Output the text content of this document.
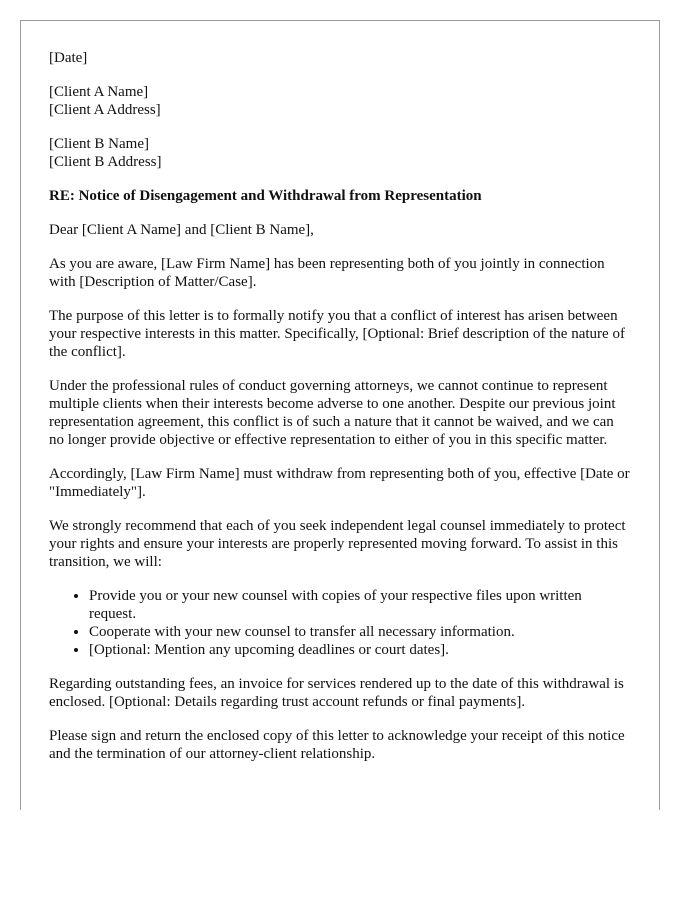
[Date]
[Client A Name]
[Client A Address]
[Client B Name]
[Client B Address]
RE: Notice of Disengagement and Withdrawal from Representation
Dear [Client A Name] and [Client B Name],
As you are aware, [Law Firm Name] has been representing both of you jointly in connection with [Description of Matter/Case].
The purpose of this letter is to formally notify you that a conflict of interest has arisen between your respective interests in this matter. Specifically, [Optional: Brief description of the nature of the conflict].
Under the professional rules of conduct governing attorneys, we cannot continue to represent multiple clients when their interests become adverse to one another. Despite our previous joint representation agreement, this conflict is of such a nature that it cannot be waived, and we can no longer provide objective or effective representation to either of you in this specific matter.
Accordingly, [Law Firm Name] must withdraw from representing both of you, effective [Date or "Immediately"].
We strongly recommend that each of you seek independent legal counsel immediately to protect your rights and ensure your interests are properly represented moving forward. To assist in this transition, we will:
• Provide you or your new counsel with copies of your respective files upon written request.
• Cooperate with your new counsel to transfer all necessary information.
• [Optional: Mention any upcoming deadlines or court dates].
Regarding outstanding fees, an invoice for services rendered up to the date of this withdrawal is enclosed. [Optional: Details regarding trust account refunds or final payments].
Please sign and return the enclosed copy of this letter to acknowledge your receipt of this notice and the termination of our attorney-client relationship.
